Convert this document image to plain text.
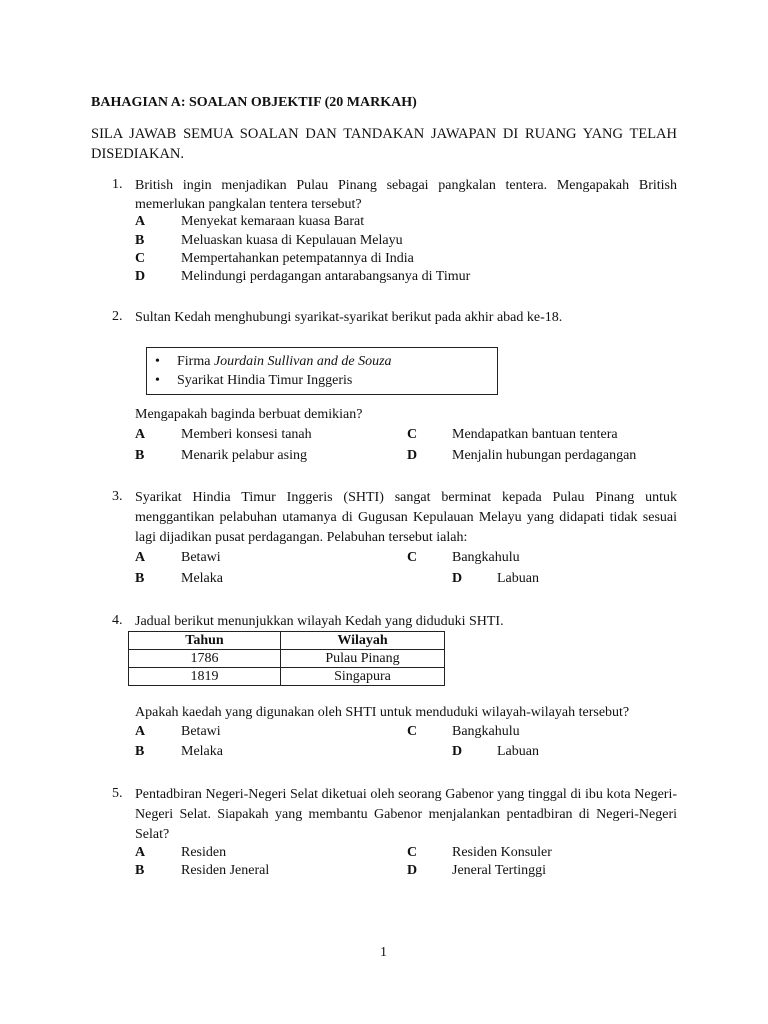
BAHAGIAN A: SOALAN OBJEKTIF (20 MARKAH)
SILA JAWAB SEMUA SOALAN DAN TANDAKAN JAWAPAN DI RUANG YANG TELAH DISEDIAKAN.
1. British ingin menjadikan Pulau Pinang sebagai pangkalan tentera. Mengapakah British memerlukan pangkalan tentera tersebut?
A	Menyekat kemaraan kuasa Barat
B	Meluaskan kuasa di Kepulauan Melayu
C	Mempertahankan petempatannya di India
D	Melindungi perdagangan antarabangsanya di Timur
2. Sultan Kedah menghubungi syarikat-syarikat berikut pada akhir abad ke-18.
• Firma Jourdain Sullivan and de Souza
• Syarikat Hindia Timur Inggeris
Mengapakah baginda berbuat demikian?
A	Memberi konsesi tanah
B	Menarik pelabur asing
C Mendapatkan bantuan tentera
D Menjalin hubungan perdagangan
3. Syarikat Hindia Timur Inggeris (SHTI) sangat berminat kepada Pulau Pinang untuk menggantikan pelabuhan utamanya di Gugusan Kepulauan Melayu yang didapati tidak sesuai lagi dijadikan pusat perdagangan. Pelabuhan tersebut ialah:
A	Betawi
B	Melaka
C Bangkahulu
D Labuan
4. Jadual berikut menunjukkan wilayah Kedah yang diduduki SHTI.
Tahun	Wilayah
1786	Pulau Pinang
1819	Singapura
Apakah kaedah yang digunakan oleh SHTI untuk menduduki wilayah-wilayah tersebut?
A	Betawi
B	Melaka
C Bangkahulu
D Labuan
5. Pentadbiran Negeri-Negeri Selat diketuai oleh seorang Gabenor yang tinggal di ibu kota Negeri-Negeri Selat. Siapakah yang membantu Gabenor menjalankan pentadbiran di Negeri-Negeri Selat?
A	Residen
B	Residen Jeneral
C Residen Konsuler
D Jeneral Tertinggi
1
